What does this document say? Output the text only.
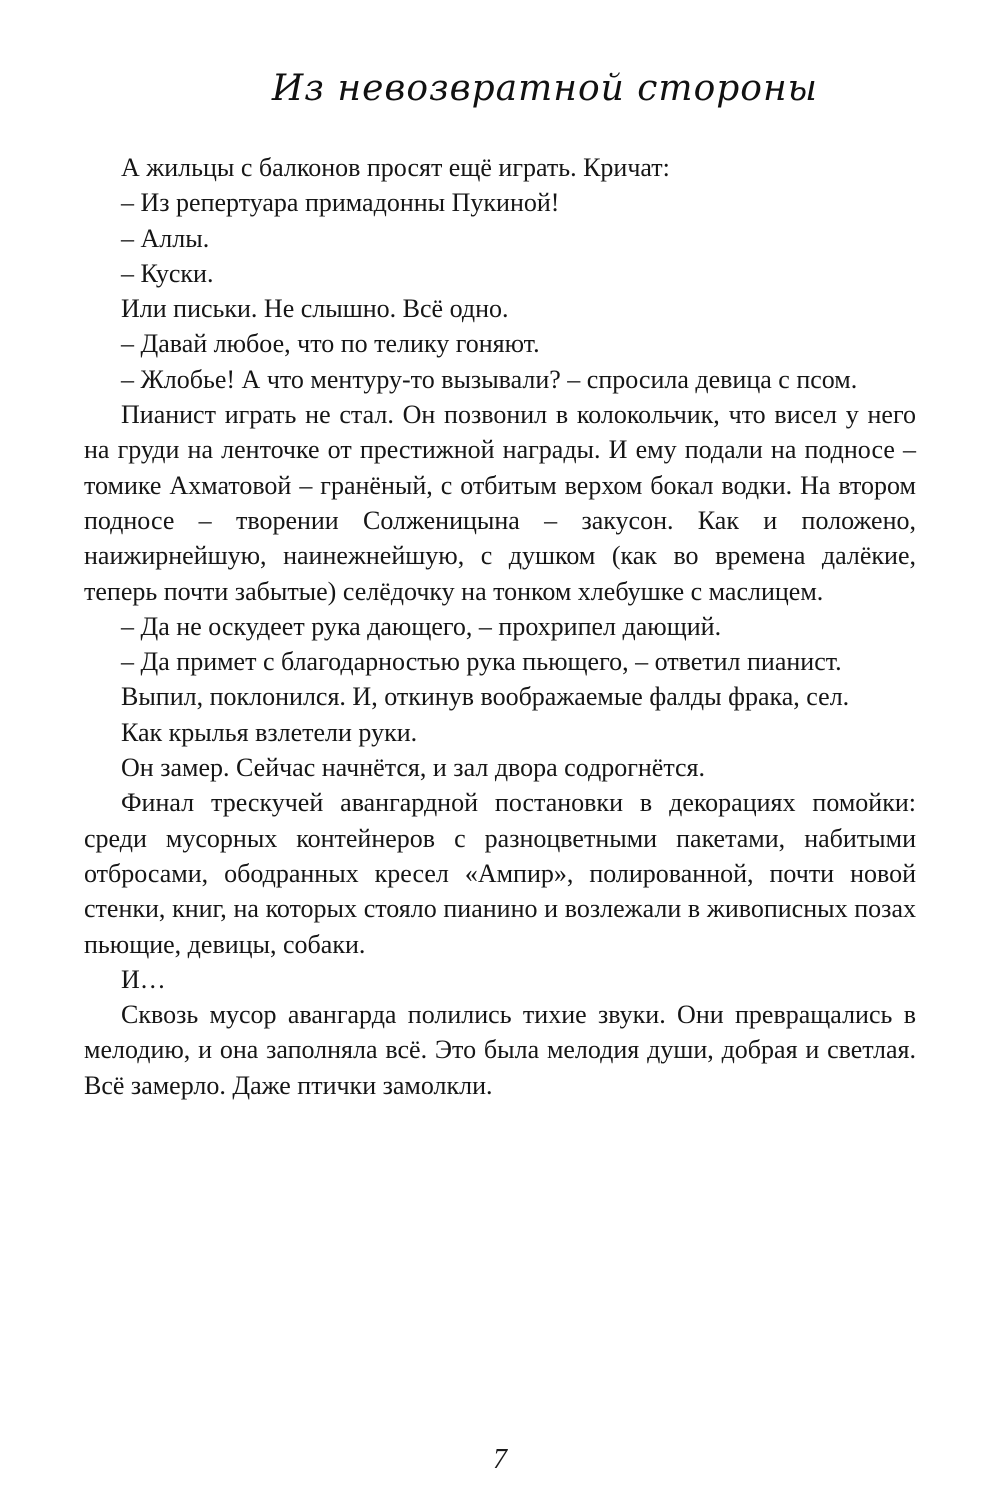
Из невозвратной стороны

А жильцы с балконов просят ещё играть. Кричат:

– Из репертуара примадонны Пукиной!

– Аллы.

– Куски.

Или письки. Не слышно. Всё одно.

– Давай любое, что по телику гоняют.

– Жлобье! А что ментуру-то вызывали? – спросила девица с псом.

Пианист играть не стал. Он позвонил в колокольчик, что висел у него на груди на ленточке от престижной награды. И ему подали на подносе – томике Ахматовой – гранёный, с отбитым верхом бокал водки. На втором подносе – творении Солженицына – закусон. Как и положено, наижирнейшую, наинежнейшую, с душком (как во времена далёкие, теперь почти забытые) селёдочку на тонком хлебушке с маслицем.

– Да не оскудеет рука дающего, – прохрипел дающий.

– Да примет с благодарностью рука пьющего, – ответил пианист.

Выпил, поклонился. И, откинув воображаемые фалды фрака, сел.

Как крылья взлетели руки.

Он замер. Сейчас начнётся, и зал двора содрогнётся.

Финал трескучей авангардной постановки в декорациях помойки: среди мусорных контейнеров с разноцветными пакетами, набитыми отбросами, ободранных кресел «Ампир», полированной, почти новой стенки, книг, на которых стояло пианино и возлежали в живописных позах пьющие, девицы, собаки.

И…

Сквозь мусор авангарда полились тихие звуки. Они превращались в мелодию, и она заполняла всё. Это была мелодия души, добрая и светлая. Всё замерло. Даже птички замолкли.

7
